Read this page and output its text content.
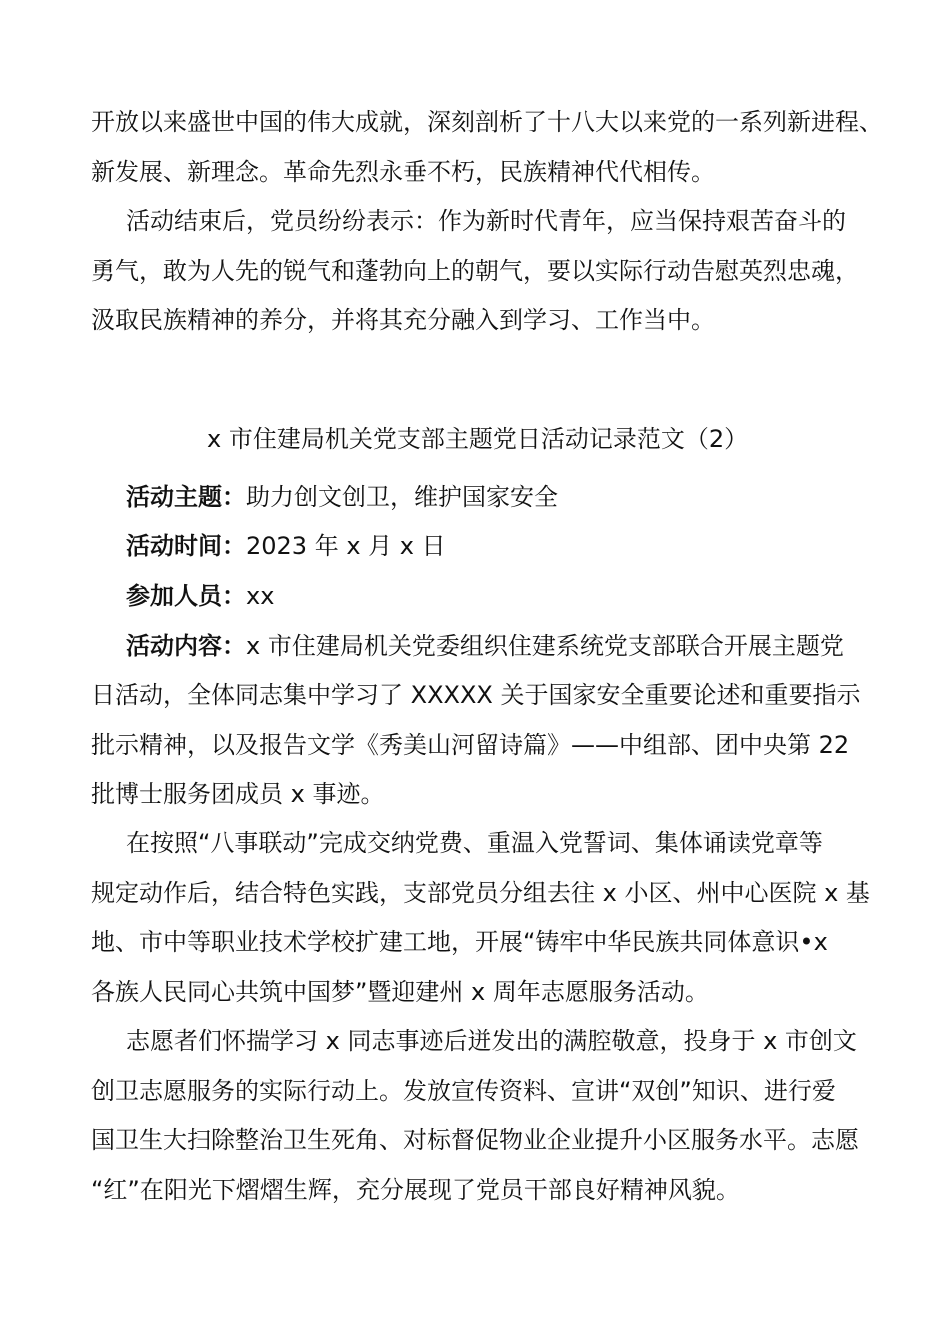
开放以来盛世中国的伟大成就，深刻剖析了十八大以来党的一系列新进程、
新发展、新理念。革命先烈永垂不朽，民族精神代代相传。
活动结束后，党员纷纷表示：作为新时代青年，应当保持艰苦奋斗的
勇气，敢为人先的锐气和蓬勃向上的朝气，要以实际行动告慰英烈忠魂，
汲取民族精神的养分，并将其充分融入到学习、工作当中。
x 市住建局机关党支部主题党日活动记录范文（2）
活动主题：助力创文创卫，维护国家安全
活动时间：2023 年 x 月 x 日
参加人员：xx
活动内容：x 市住建局机关党委组织住建系统党支部联合开展主题党
日活动，全体同志集中学习了 XXXXX 关于国家安全重要论述和重要指示
批示精神，以及报告文学《秀美山河留诗篇》——中组部、团中央第 22
批博士服务团成员 x 事迹。
在按照“八事联动”完成交纳党费、重温入党誓词、集体诵读党章等
规定动作后，结合特色实践，支部党员分组去往 x 小区、州中心医院 x 基
地、市中等职业技术学校扩建工地，开展“铸牢中华民族共同体意识•x
各族人民同心共筑中国梦”暨迎建州 x 周年志愿服务活动。
志愿者们怀揣学习 x 同志事迹后迸发出的满腔敬意，投身于 x 市创文
创卫志愿服务的实际行动上。发放宣传资料、宣讲“双创”知识、进行爱
国卫生大扫除整治卫生死角、对标督促物业企业提升小区服务水平。志愿
“红”在阳光下熠熠生辉，充分展现了党员干部良好精神风貌。
